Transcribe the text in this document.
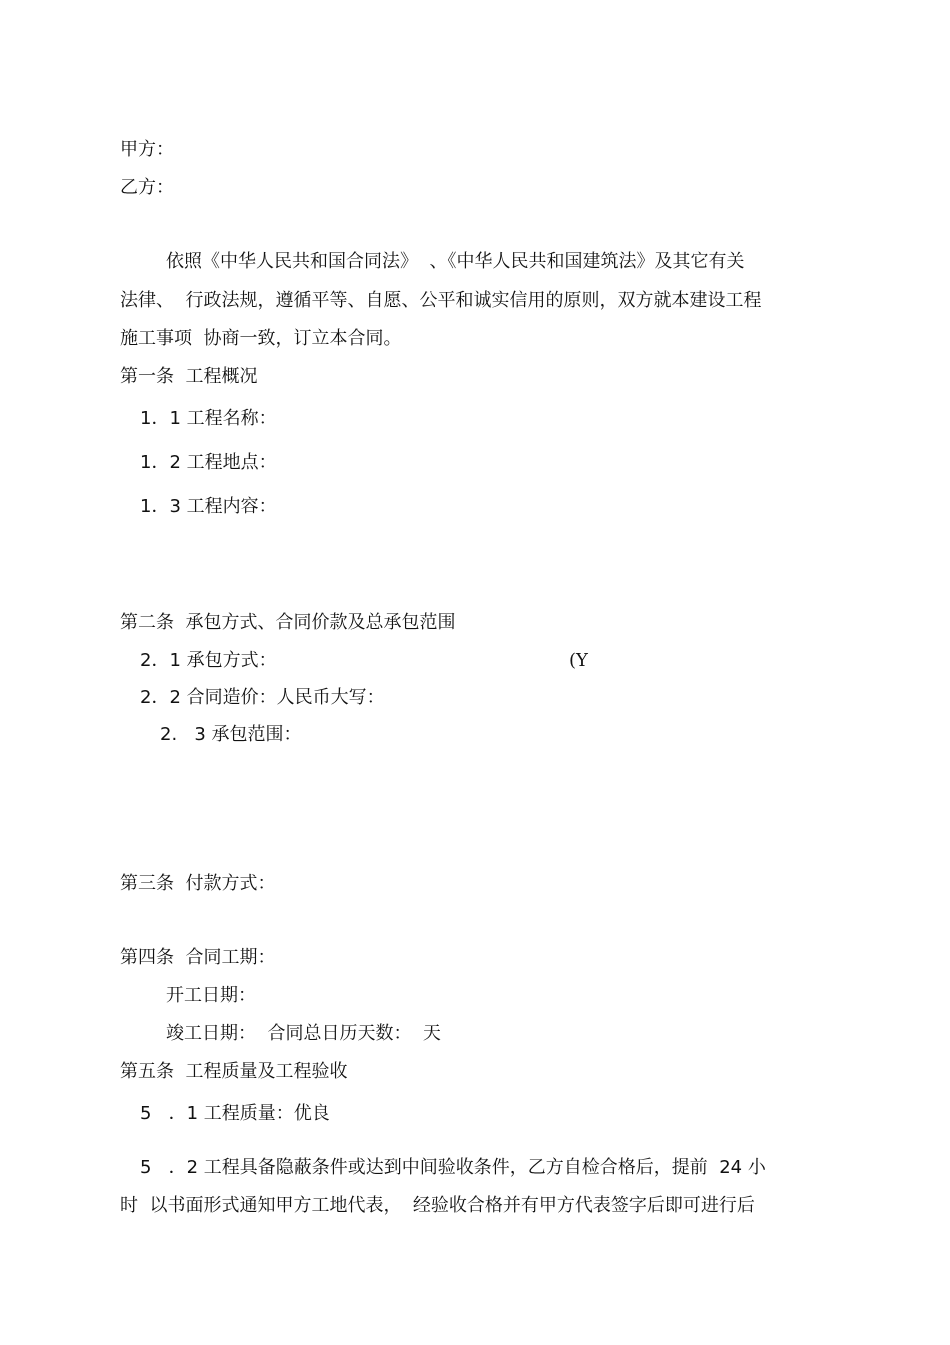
甲方：
乙方：
依照《中华人民共和国合同法》  、《中华人民共和国建筑法》及其它有关
法律、  行政法规，遵循平等、自愿、公平和诚实信用的原则，双方就本建设工程
施工事项  协商一致，订立本合同。
第一条  工程概况
1．1 工程名称：
1．2 工程地点：
1．3 工程内容：
第二条  承包方式、合同价款及总承包范围
2．1 承包方式：	(Y
2．2 合同造价：人民币大写：
2.   3 承包范围：
第三条  付款方式：
第四条  合同工期：
开工日期：
竣工日期：  合同总日历天数：  天
第五条  工程质量及工程验收
5   ．1 工程质量：优良
5   ．2 工程具备隐蔽条件或达到中间验收条件，乙方自检合格后，提前  24 小
时  以书面形式通知甲方工地代表，  经验收合格并有甲方代表签字后即可进行后
